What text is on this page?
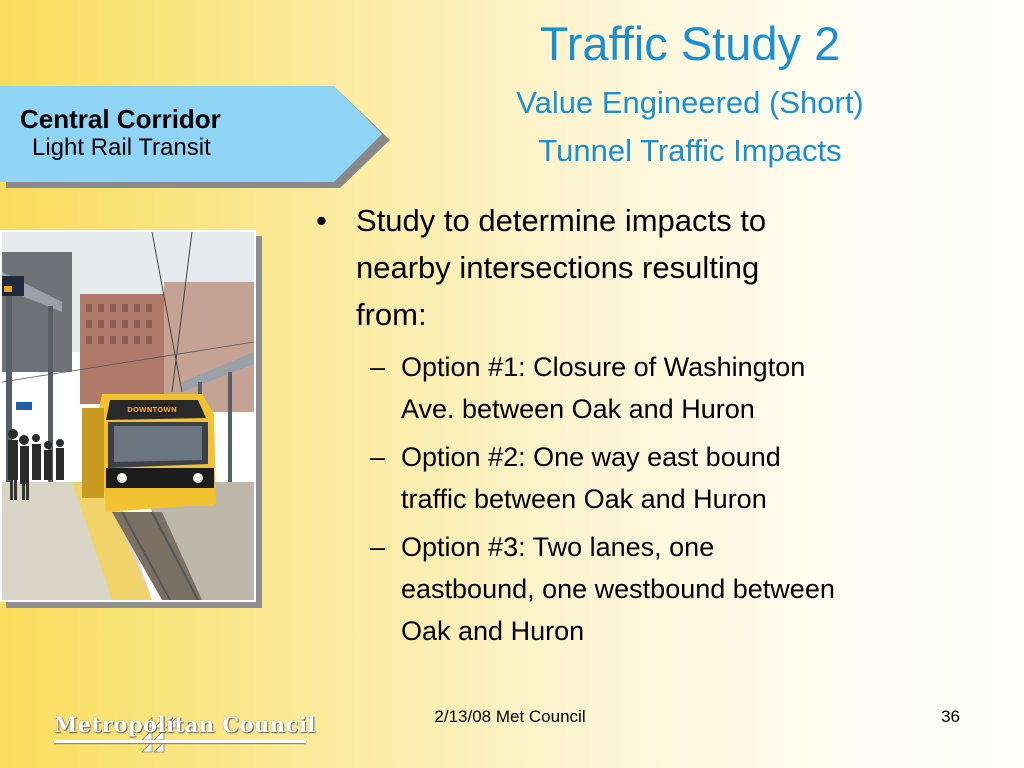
Traffic Study 2
Value Engineered (Short)
Tunnel Traffic Impacts
Central Corridor
Light Rail Transit
DOWNTOWN
• Study to determine impacts to
nearby intersections resulting
from:
– Option #1: Closure of Washington
Ave. between Oak and Huron
– Option #2: One way east bound
traffic between Oak and Huron
– Option #3: Two lanes, one
eastbound, one westbound between
Oak and Huron
Metropolitan Council	2/13/08 Met Council	36
